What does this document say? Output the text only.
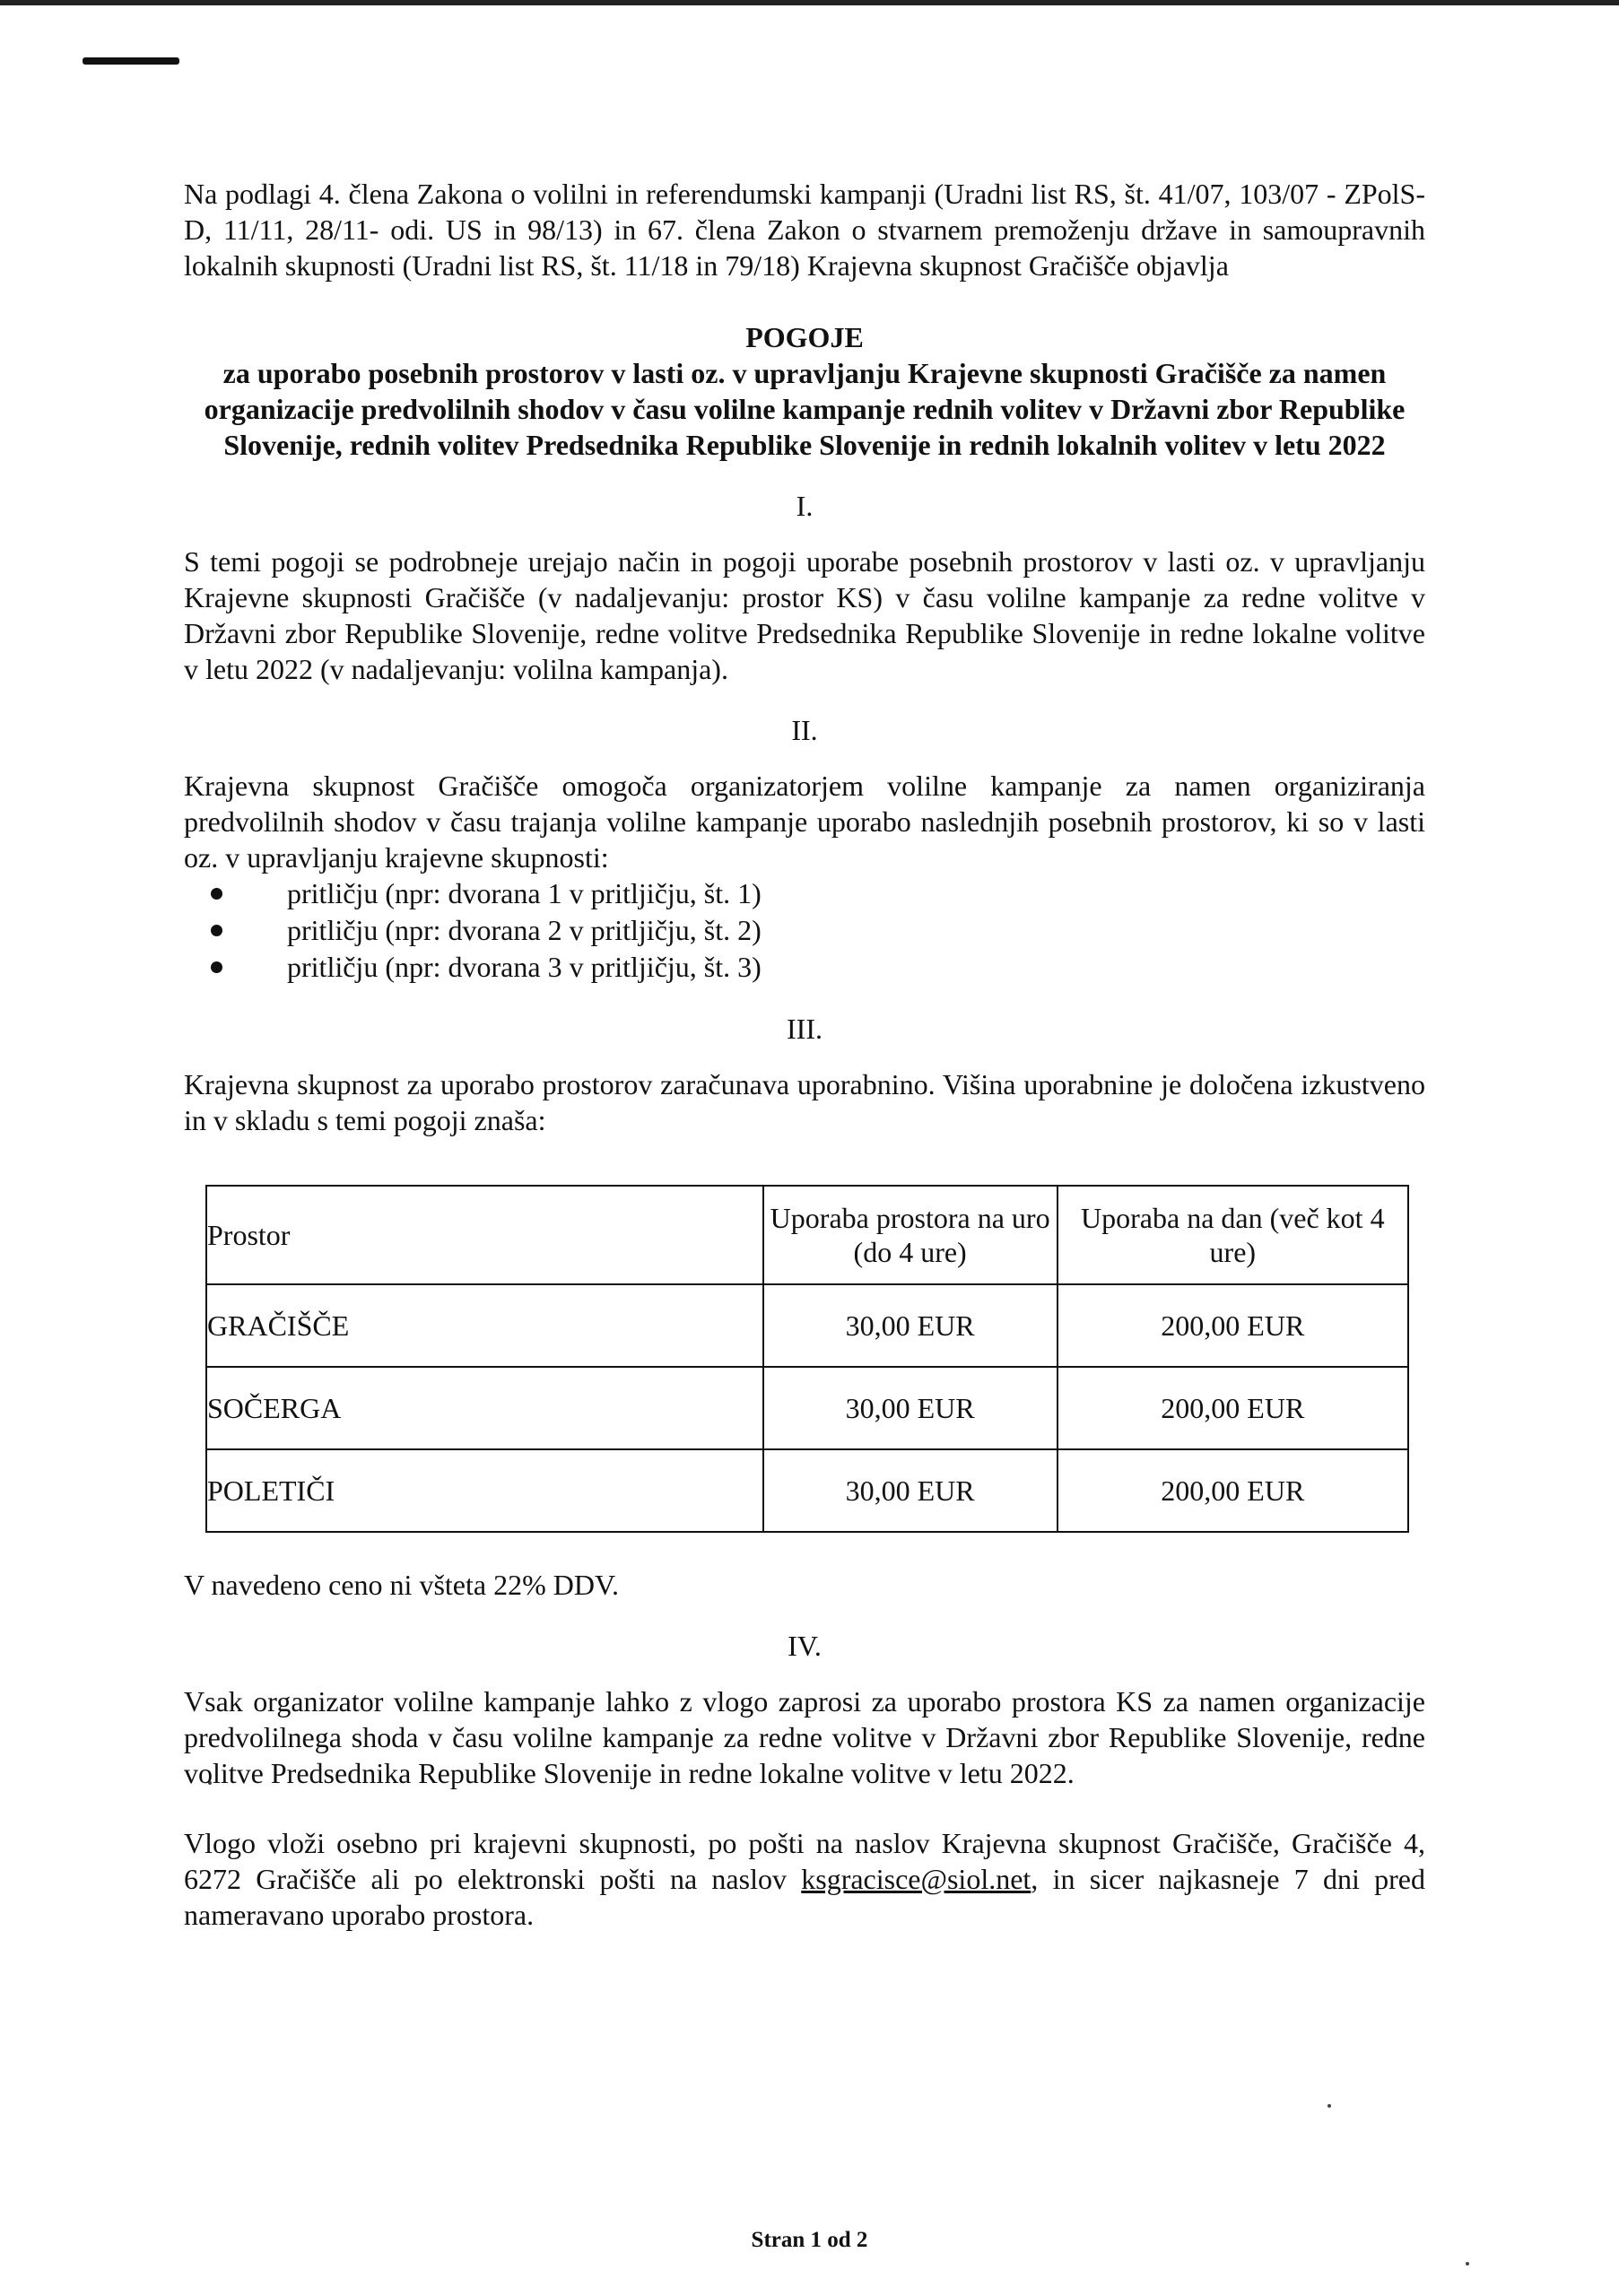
Na podlagi 4. člena Zakona o volilni in referendumski kampanji (Uradni list RS, št. 41/07, 103/07 - ZPolS-D, 11/11, 28/11- odi. US in 98/13) in 67. člena Zakon o stvarnem premoženju države in samoupravnih lokalnih skupnosti (Uradni list RS, št. 11/18 in 79/18) Krajevna skupnost Gračišče objavlja

POGOJE
za uporabo posebnih prostorov v lasti oz. v upravljanju Krajevne skupnosti Gračišče za namen organizacije predvolilnih shodov v času volilne kampanje rednih volitev v Državni zbor Republike Slovenije, rednih volitev Predsednika Republike Slovenije in rednih lokalnih volitev v letu 2022
I.

S temi pogoji se podrobneje urejajo način in pogoji uporabe posebnih prostorov v lasti oz. v upravljanju Krajevne skupnosti Gračišče (v nadaljevanju: prostor KS) v času volilne kampanje za redne volitve v Državni zbor Republike Slovenije, redne volitve Predsednika Republike Slovenije in redne lokalne volitve v letu 2022 (v nadaljevanju: volilna kampanja).

II.

Krajevna skupnost Gračišče omogoča organizatorjem volilne kampanje za namen organiziranja predvolilnih shodov v času trajanja volilne kampanje uporabo naslednjih posebnih prostorov, ki so v lasti oz. v upravljanju krajevne skupnosti:

pritličju (npr: dvorana 1 v pritljičju, št. 1)
pritličju (npr: dvorana 2 v pritljičju, št. 2)
pritličju (npr: dvorana 3 v pritljičju, št. 3)
III.

Krajevna skupnost za uporabo prostorov zaračunava uporabnino. Višina uporabnine je določena izkustveno in v skladu s temi pogoji znaša:

Prostor	Uporaba prostora na uro (do 4 ure)	Uporaba na dan (več kot 4 ure)
GRAČIŠČE	30,00 EUR	200,00 EUR
SOČERGA	30,00 EUR	200,00 EUR
POLETIČI	30,00 EUR	200,00 EUR

V navedeno ceno ni všteta 22% DDV.

IV.

Vsak organizator volilne kampanje lahko z vlogo zaprosi za uporabo prostora KS za namen organizacije predvolilnega shoda v času volilne kampanje za redne volitve v Državni zbor Republike Slovenije, redne volitve Predsednika Republike Slovenije in redne lokalne volitve v letu 2022.

Vlogo vloži osebno pri krajevni skupnosti, po pošti na naslov Krajevna skupnost Gračišče, Gračišče 4, 6272 Gračišče ali po elektronski pošti na naslov ksgracisce@siol.net, in sicer najkasneje 7 dni pred nameravano uporabo prostora.

Stran 1 od 2
